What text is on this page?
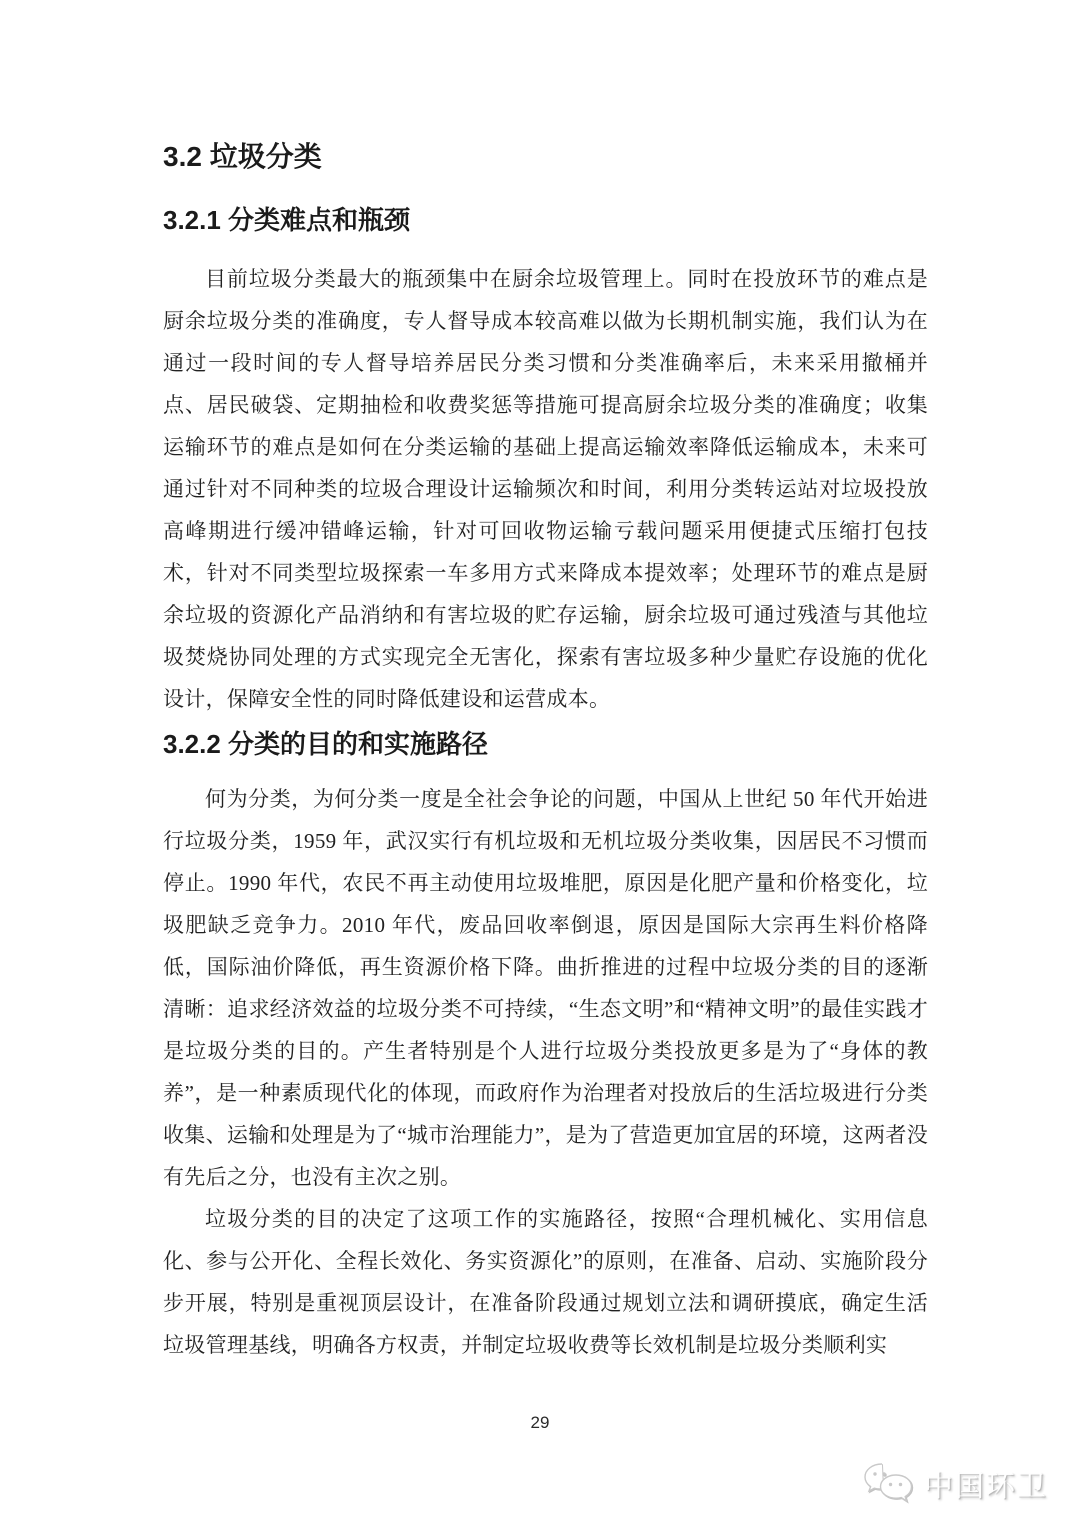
3.2 垃圾分类
3.2.1 分类难点和瓶颈

目前垃圾分类最大的瓶颈集中在厨余垃圾管理上。同时在投放环节的难点是厨余垃圾分类的准确度，专人督导成本较高难以做为长期机制实施，我们认为在通过一段时间的专人督导培养居民分类习惯和分类准确率后，未来采用撤桶并点、居民破袋、定期抽检和收费奖惩等措施可提高厨余垃圾分类的准确度；收集运输环节的难点是如何在分类运输的基础上提高运输效率降低运输成本，未来可通过针对不同种类的垃圾合理设计运输频次和时间，利用分类转运站对垃圾投放高峰期进行缓冲错峰运输，针对可回收物运输亏载问题采用便捷式压缩打包技术，针对不同类型垃圾探索一车多用方式来降成本提效率；处理环节的难点是厨余垃圾的资源化产品消纳和有害垃圾的贮存运输，厨余垃圾可通过残渣与其他垃圾焚烧协同处理的方式实现完全无害化，探索有害垃圾多种少量贮存设施的优化设计，保障安全性的同时降低建设和运营成本。

3.2.2 分类的目的和实施路径

何为分类，为何分类一度是全社会争论的问题，中国从上世纪 50 年代开始进行垃圾分类，1959 年，武汉实行有机垃圾和无机垃圾分类收集，因居民不习惯而停止。1990 年代，农民不再主动使用垃圾堆肥，原因是化肥产量和价格变化，垃圾肥缺乏竞争力。2010 年代，废品回收率倒退，原因是国际大宗再生料价格降低，国际油价降低，再生资源价格下降。曲折推进的过程中垃圾分类的目的逐渐清晰：追求经济效益的垃圾分类不可持续，“生态文明”和“精神文明”的最佳实践才是垃圾分类的目的。产生者特别是个人进行垃圾分类投放更多是为了“身体的教养”，是一种素质现代化的体现，而政府作为治理者对投放后的生活垃圾进行分类收集、运输和处理是为了“城市治理能力”，是为了营造更加宜居的环境，这两者没有先后之分，也没有主次之别。

垃圾分类的目的决定了这项工作的实施路径，按照“合理机械化、实用信息化、参与公开化、全程长效化、务实资源化”的原则，在准备、启动、实施阶段分步开展，特别是重视顶层设计，在准备阶段通过规划立法和调研摸底，确定生活垃圾管理基线，明确各方权责，并制定垃圾收费等长效机制是垃圾分类顺利实

29
中国环卫
